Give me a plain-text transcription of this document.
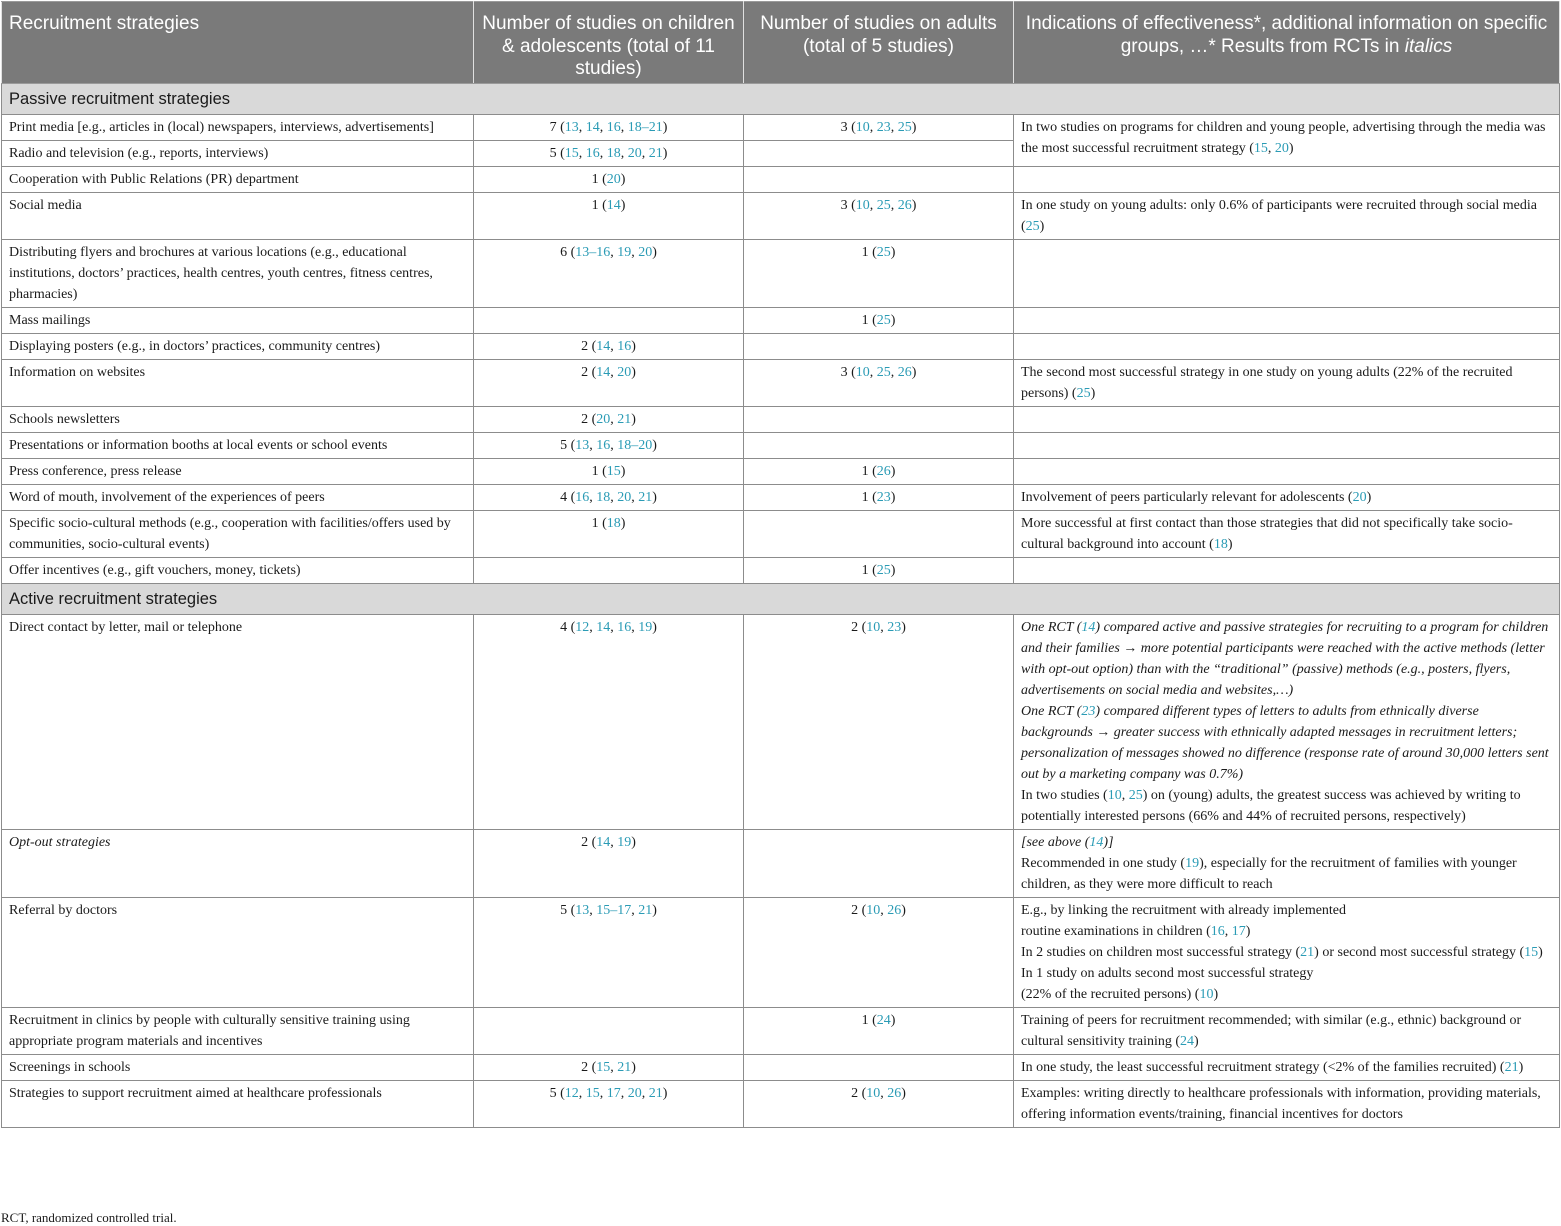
Recruitment strategies	Number of studies on children & adolescents (total of 11 studies)	Number of studies on adults (total of 5 studies)	Indications of effectiveness*, additional information on specific groups, …* Results from RCTs in italics
Passive recruitment strategies			
Print media [e.g., articles in (local) newspapers, interviews, advertisements]	7 (13, 14, 16, 18–21)	3 (10, 23, 25)	In two studies on programs for children and young people, advertising through the media was the most successful recruitment strategy (15, 20)
Radio and television (e.g., reports, interviews)	5 (15, 16, 18, 20, 21)		
Cooperation with Public Relations (PR) department	1 (20)		
Social media	1 (14)	3 (10, 25, 26)	In one study on young adults: only 0.6% of participants were recruited through social media (25)
Distributing flyers and brochures at various locations (e.g., educational institutions, doctors’ practices, health centres, youth centres, fitness centres, pharmacies)	6 (13–16, 19, 20)	1 (25)	
Mass mailings		1 (25)	
Displaying posters (e.g., in doctors’ practices, community centres)	2 (14, 16)		
Information on websites	2 (14, 20)	3 (10, 25, 26)	The second most successful strategy in one study on young adults (22% of the recruited persons) (25)
Schools newsletters	2 (20, 21)		
Presentations or information booths at local events or school events	5 (13, 16, 18–20)		
Press conference, press release	1 (15)	1 (26)	
Word of mouth, involvement of the experiences of peers	4 (16, 18, 20, 21)	1 (23)	Involvement of peers particularly relevant for adolescents (20)
Specific socio-cultural methods (e.g., cooperation with facilities/offers used by communities, socio-cultural events)	1 (18)		More successful at first contact than those strategies that did not specifically take socio-cultural background into account (18)
Offer incentives (e.g., gift vouchers, money, tickets)		1 (25)	
Active recruitment strategies			
Direct contact by letter, mail or telephone	4 (12, 14, 16, 19)	2 (10, 23)	One RCT (14) compared active and passive strategies for recruiting to a program for children and their families → more potential participants were reached with the active methods (letter with opt-out option) than with the “traditional” (passive) methods (e.g., posters, flyers, advertisements on social media and websites,…)
One RCT (23) compared different types of letters to adults from ethnically diverse backgrounds → greater success with ethnically adapted messages in recruitment letters; personalization of messages showed no difference (response rate of around 30,000 letters sent out by a marketing company was 0.7%)
In two studies (10, 25) on (young) adults, the greatest success was achieved by writing to potentially interested persons (66% and 44% of recruited persons, respectively)

Opt-out strategies	2 (14, 19)		[see above (14)]
Recommended in one study (19), especially for the recruitment of families with younger children, as they were more difficult to reach

Referral by doctors	5 (13, 15–17, 21)	2 (10, 26)	E.g., by linking the recruitment with already implemented
routine examinations in children (16, 17)
In 2 studies on children most successful strategy (21) or second most successful strategy (15)
In 1 study on adults second most successful strategy
(22% of the recruited persons) (10)

Recruitment in clinics by people with culturally sensitive training using appropriate program materials and incentives		1 (24)	Training of peers for recruitment recommended; with similar (e.g., ethnic) background or cultural sensitivity training (24)
Screenings in schools	2 (15, 21)		In one study, the least successful recruitment strategy (<2% of the families recruited) (21)
Strategies to support recruitment aimed at healthcare professionals	5 (12, 15, 17, 20, 21)	2 (10, 26)	Examples: writing directly to healthcare professionals with information, providing materials, offering information events/training, financial incentives for doctors
RCT, randomized controlled trial.
